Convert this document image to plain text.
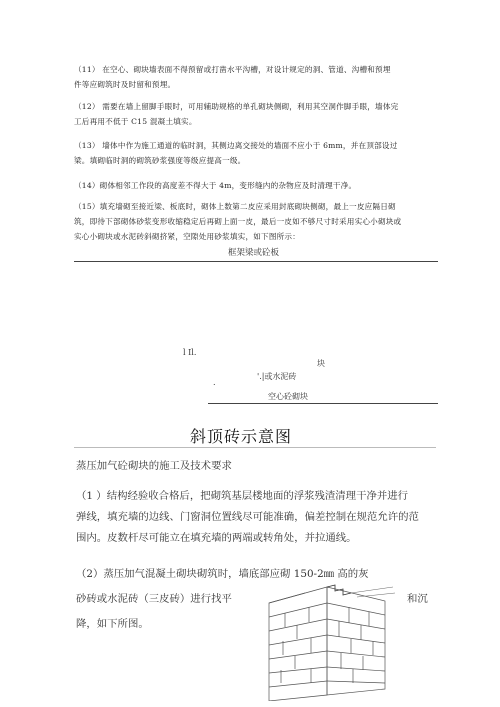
（11） 在空心、砌块墙表面不得预留或打凿水平沟槽，对设计规定的洞、管道、沟槽和预埋
件等应砌筑时及时留和预埋。
（12） 需要在墙上留脚手眼时，可用辅助规格的单孔砌块侧砌，利用其空洞作脚手眼，墙体完
工后再用不低于 C15 混凝土填实。
（13） 墙体中作为施工通道的临时洞，其侧边离交接处的墙面不应小于 6mm，并在顶部设过
梁。填砌临时洞的砌筑砂浆强度等级应提高一级。
（14）砌体相邻工作段的高度差不得大于 4m，变形缝内的杂物应及时清理干净。
（15）填充墙砌至接近梁、板底时，砌体上数第二皮应采用封底砌块侧砌，最上一皮应隔日砌
筑，即待下部砌体砂浆变形收缩稳定后再砌上面一皮，最后一皮如不够尺寸时采用实心小砌块或
实心小砌块或水泥砖斜砌挤紧，空隙处用砂浆填实，如下图所示：
框架梁或砼板
l Il.
块
.
'.|或水泥砖
空心砼砌块
斜顶砖示意图
蒸压加气砼砌块的施工及技术要求
（1 ）结构经验收合格后，把砌筑基层楼地面的浮浆残渣清理干净并进行
弹线，填充墙的边线、门窗洞位置线尽可能准确，偏差控制在规范允许的范
围内。皮数杆尽可能立在填充墙的两端或转角处，并拉通线。
（2）蒸压加气混凝土砌块砌筑时，墙底部应砌 150-2㎜ 高的灰
砂砖或水泥砖（三皮砖）进行找平	和沉
降，如下所图。
